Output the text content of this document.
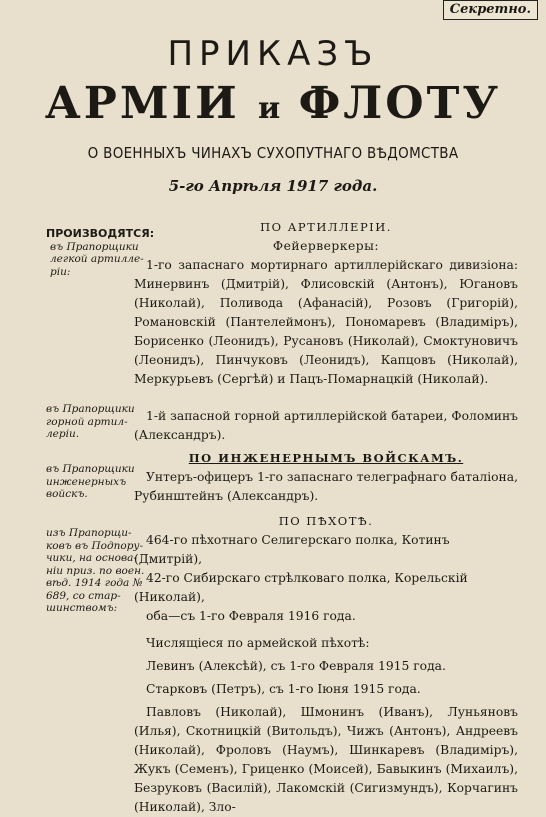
Секретно.
ПРИКАЗЪ
АРМІИ и ФЛОТУ
О ВОЕННЫХЪ ЧИНАХЪ СУХОПУТНАГО ВѢДОМСТВА
5-го Апрѣля 1917 года.
ПРОИЗВОДЯТСЯ:
въ Прапорщики легкой артилле-ріи:
въ Прапорщики горной артил-леріи.
въ Прапорщики инженерныхъ войскъ.
изъ Прапорщи-ковъ въ Подпору-чики, на основа-ніи приз. по воен. вѣд. 1914 года № 689, со стар-шинствомъ:

ПО АРТИЛЛЕРІИ.

Фейерверкеры:

1-го запаснаго мортирнаго артиллерійскаго дивизіона: Минервинъ (Дмитрій), Флисовскій (Антонъ), Югановъ (Николай), Поливода (Афанасій), Розовъ (Григорій), Романовскій (Пантелеймонъ), Пономаревъ (Владиміръ), Борисенко (Леонидъ), Русановъ (Николай), Смоктуновичъ (Леонидъ), Пинчуковъ (Леонидъ), Капцовъ (Николай), Меркурьевъ (Сергѣй) и Пацъ-Помарнацкій (Николай).

1-й запасной горной артиллерійской батареи, Фоломинъ (Александръ).

ПО ИНЖЕНЕРНЫМЪ ВОЙСКАМЪ.

Унтеръ-офицеръ 1-го запаснаго телеграфнаго баталіона, Рубинштейнъ (Александръ).

ПО ПѢХОТѢ.

464-го пѣхотнаго Селигерскаго полка, Котинъ (Дмитрій),

42-го Сибирскаго стрѣлковаго полка, Корельскій (Николай),

оба—съ 1-го Февраля 1916 года.

Числящіеся по армейской пѣхотѣ:

Левинъ (Алексѣй), съ 1-го Февраля 1915 года.

Старковъ (Петръ), съ 1-го Іюня 1915 года.

Павловъ (Николай), Шмонинъ (Иванъ), Луньяновъ (Илья), Скотницкій (Витольдъ), Чижъ (Антонъ), Андреевъ (Николай), Фроловъ (Наумъ), Шинкаревъ (Владиміръ), Жукъ (Семенъ), Гриценко (Моисей), Бавыкинъ (Михаилъ), Безруковъ (Василій), Лакомскій (Сигизмундъ), Корчагинъ (Николай), Зло-
